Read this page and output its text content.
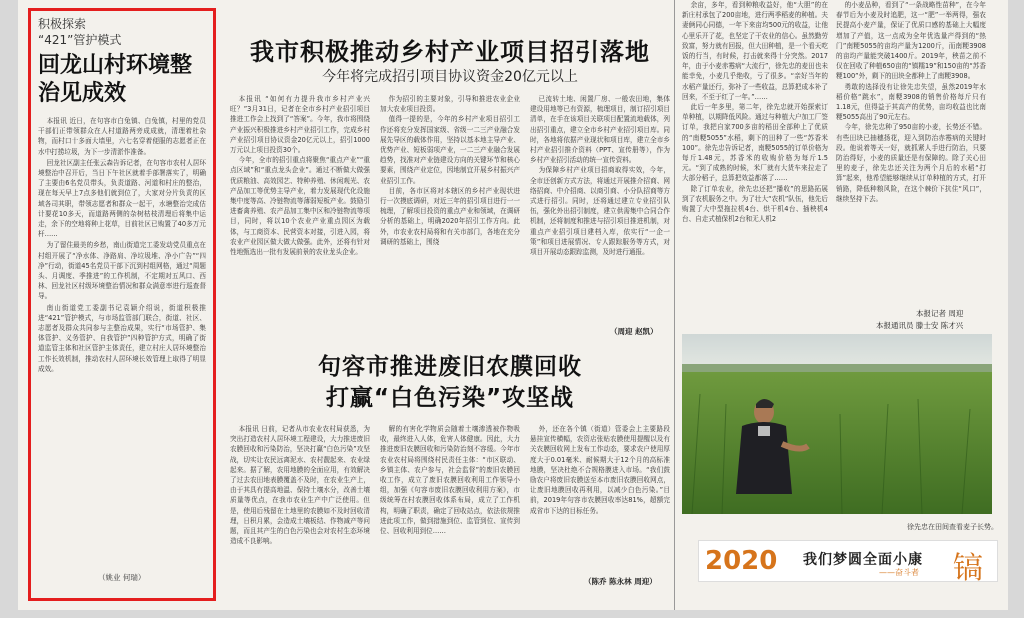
积极探索
“421”管护模式
回龙山村环境整治见成效

本报讯 近日，在句容市白兔镇、白兔镇，村里的党员干部们正带领群众在人村道路两旁成成就，清理着杜杂物，而村口十多面大墙里，六七名穿着便服的志愿者正在水中打捞垃圾，为下一步清淤作准备。

回龙社区副主任张云森告诉记者，在句容市农村人居环境整治中召开后，当日下午社区就着手部署落实了，明确了主要由6名党员带头，负责道路、河道和村庄的整治，现在每天早上7点多他们就到位了，大家对分片负责的区域各司其职，带领志愿者和群众一起干，水塘整治完成估计要花10多天，而道路两侧的杂树枯枝清理后将集中运走，余下的空地将种上花草，目前社区已购置了40多万元杆……

为了留住最美的乡愁，南山街道完工委发动党员重点在村组开展了“净水体、净路肩、净垃圾堆、净小广告”“四净”行动，街道45名党员干部下沉到村组网格，通过“周题头、月调度、季推进”的工作机制，不定期对五风口、西林、回龙社区村级环境整治情况和群众满意率进行巡查督导。

南山街道党工委副书记袁颖介绍说，街道积极推进“421”管护模式，与市场监管部门联合，街道、社区、志愿者及群众共同参与主整治成果，实行“市场管护、集体管护、义务管护、自我管护”四种管护方式，明确了街道监管主体和社区管护主体责任，建立村庄人居环境整治工作长效机制，推动农村人居环境长效管理上取得了明显成效。

（姚业 何瑞）
我市积极推动乡村产业项目招引落地
今年将完成招引项目协议资金20亿元以上

本报讯 “如何有力提升我市乡村产业兴旺？”3月31日，记者在全市乡村产业招引项目推进工作会上找到了“答案”。今年，我市将围绕产业振兴积极推进乡村产业招引工作，完成乡村产业招引项目协议资金20亿元以上，招引1000万元以上项目投资30个。

今年，全市的招引重点将聚焦“重点产业”“重点区域”和“重点龙头企业”。通过不断做大做强优质粮油、高效园艺、特种养殖、休闲观光、农产品加工等优势主导产业，着力发展现代化设施集中度等高、冷链物流等薄弱短板产业。鼓励引进畜禽养殖、农产品加工集中区和冷链物流等项目，同时，将以10个农业产业重点园区为载体，与工商资本、民营资本对接，引进入园，将农业产业园区做大做大做强。此外，还将有针对性地甄选出一批有发展前景的农业龙头企业。

作为招引的主要对象，引导和推进农业企业加大农业项目投资。

值得一提的是，今年的乡村产业项目招引工作还将充分发挥国家级、省级一二三产业融合发展先导区的载体作用，坚持以基本地主导产业、优势产业、短板弱项产业，一二三产业融合发展趋势，找准对产业链建设方向的关键环节和核心要素，围绕产业定位，因地制宜开展乡村振兴产业招引工作。

目前，各市区将对本辖区的乡村产业现状进行一次摸底调研，对近三年的招引项目进行一一梳理，了解项目投资的重点产业和领域，在调研分析的基础上，明确2020年招引工作方向。此外，市农业农村局将和有关市部门，各地在充分调研的基础上，围绕

已流转土地、闲置厂房、一般农田地，集体建设用地等已有资源，梳理项目，制订招引项目清单，在手在该项目关联项目配置流地载体，列出招引重点，建立全市乡村产业招引项目库。同时，各地将依据产业现状和项目库，建立全市乡村产业招引推介资料（PPT、宣传册等），作为乡村产业招引活动的统一宣传资料。

为保障乡村产业项目招商取得实效，今年，全市还创新方式方法，将通过开展推介招商、网络招商、中介招商、以商引商、小分队招商等方式进行招引。同时，还将通过建立专业招引队伍，强化外出招引制度，建立供需集中合同合作机制，还将制度和推进与招引项目推进机制，对重点产业招引项目建档入库，依实行“一企一策”和项目进展情况、专人跟踪服务等方式，对项目开展动态跟踪监测，及时进行通报。

（周迎 赵凯）
句容市推进废旧农膜回收
打赢“白色污染”攻坚战

本报讯 日前，记者从市农业农村局获悉，为突出打造农村人居环境工程建设，大力推进废旧农膜回收和污染防治，坚决打赢“白色污染”攻坚战，切实让农民远离泥水、农村靓起来、农业绿起来。据了解，农用地膜的全面应用，有效解决了过去农田地表膜覆盖不及时，在农业生产上，由于其具有提高地温、保持土壤水分，改善土壤质量等优点，在我市农业生产中广泛使用。但是，使用后残留在土地里的农膜如不及时回收清理，日积月累，会造成土壤板结、作物减产等问题，而且其产生的白色污染也会对农村生态环境造成不良影响。

解的有害化学物质会随着土壤渗透被作物吸收，最终进入人体，危害人体健康。因此，大力推进废旧农膜回收和污染防治刻不容缓。今年市农业农村局将围绕村民责任主体：“市区联动、乡镇主体、农户参与，社会监督”的废旧农膜回收工作，成立了废旧农膜回收利用工作领导小组，加强《句容市废旧农膜回收利用方案》，市级统筹在村农膜回收体系布局，成立了工作机构，明确了职责，确定了回收站点，依法依规推进此项工作，做到措施到位、监管到位、宣传到位、回收利用到位……

外，还在各个镇（街道）管委会上主要路段悬挂宣传横幅，农资店张贴农膜使用提醒以及有关农膜回收网上发布工作动态，要求农户使用厚度大于0.01毫米、耐候期大于12个月的高标准地膜，坚决杜绝不合规格膜进入市场。“我们鼓励农户将废旧农膜送至本市废旧农膜回收网点，让废旧地膜回收再利用，以减少白色污染。”目前，2019年句容市农膜回收率达81%，超额完成省市下达的目标任务。

（陈乔 陈永林 周迎）

余亩，多年，看到种粮收益好，他“大胆”的在新庄村承包了200亩地，进行两季稻麦的种植。夫妻俩同心同德，一年下来亩均500元的收益，让他心里乐开了花，也坚定了干农业的信心。虽然勤劳致富，努力就有回报，但大田种植，是一个看天吃饭的行当，有时候，打击就来得十分突然。2017年，由于小麦赤霉病“大流行”，徐先忠的麦田也未能幸免，小麦几乎绝收，亏了很多。“亲好当年的水稻产量还行，弥补了一些收益，总算把成本补了回来，不至于红了一年。”……

此后一年多里，第二年，徐先忠就开始探索订单种植，以期降低风险。通过与种植大户加工厂签订单，我把自家700多亩的稻田全部种上了优质的“南粳5055”水稻，剩下的田种了一些“苏香米100”。徐先忠告诉记者，南粳5055的订单价格为每斤1.48元，苏香米的收购价格为每斤1.5元。“到了成熟的时候，米厂就有大货车来拉走了大部分稻子，总算把效益都落了……

除了订单农业，徐先忠还把“播收”的思路拓展到了农机服务之中。为了壮大“农机”队伍，他先后购置了大中型拖拉机4台、烘干机4台、插秧机4台、自走式植保机2台和无人机2

的小麦品种，看到了“一条战略性苗种”，在今年春节后为小麦及时追肥，这一“肥”一举两得，强农民提高小麦产量，保证了优质口感的基础上大幅度增加了产值，这一点成为全年优选量产得到的“热门”南粳5055的亩均产量为1200斤，而南粳3908的亩均产量能突破1400斤。2019年，秧苗之前不仅在回收了种植650亩的“镇糯19”和150亩的“苏香粳100”外，剩下的田块全都种上了南粳3908。

勇敢的选择没有让徐先忠失望，虽然2019年水稻价格“跳水”，南粳3908的销售价格每斤只有1.18元，但得益于其高产的优势，亩均收益也比南粳5055高出了90元左右。

今年，徐先忠种了950亩的小麦，长势还不错。有些田块已抽穗扬花，迎入到防治赤霉病的关键时段。他说着等天一好，就抓紧人手进行防治，只要防治得好，小麦的质量还是有保障的。除了关心田里的麦子，徐先忠还关注为两个月后的水稻“打算”起来，他希望能够继续从订单种植的方式，打开销路，降低种粮风险，在这个棘价下抗住“风口”，继续坚持下去。

本报记者 周迎
本报通讯员 滕士安 陈才兴
徐先忠在田间查看麦子长势。
2020 我们梦圆全面小康
——奋斗者 镐
